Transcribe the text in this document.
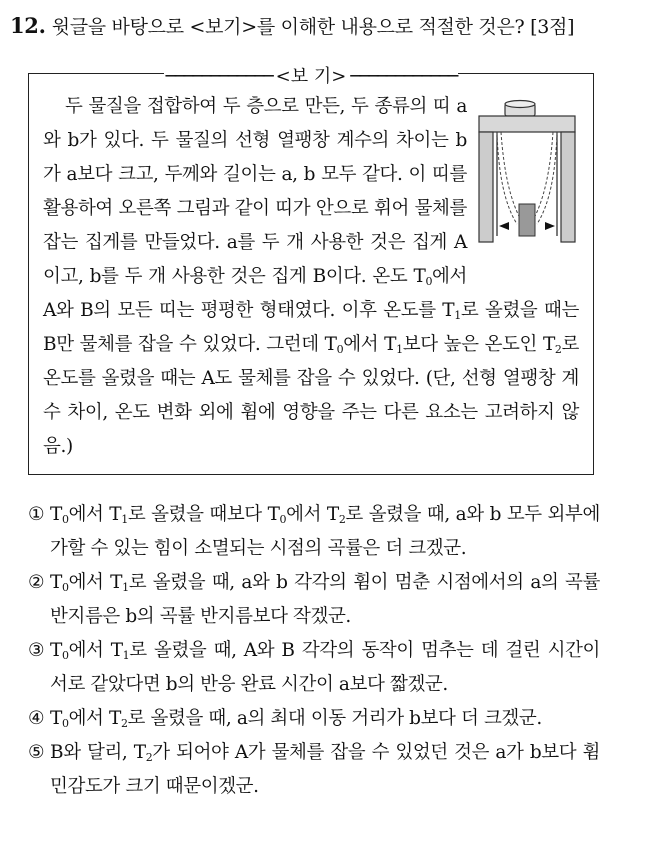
12. 윗글을 바탕으로 <보기>를 이해한 내용으로 적절한 것은? [3점]
──────────── <보 기> ────────────

두 물질을 접합하여 두 층으로 만든, 두 종류의 띠 a와 b가 있다. 두 물질의 선형 열팽창 계수의 차이는 b가 a보다 크고, 두께와 길이는 a, b 모두 같다. 이 띠를 활용하여 오른쪽 그림과 같이 띠가 안으로 휘어 물체를 잡는 집게를 만들었다. a를 두 개 사용한 것은 집게 A이고, b를 두 개 사용한 것은 집게 B이다. 온도 $T_0$에서 A와 B의 모든 띠는 평평한 형태였다. 이후 온도를 $T_1$로 올렸을 때는 B만 물체를 잡을 수 있었다. 그런데 $T_0$에서 $T_1$보다 높은 온도인 $T_2$로 온도를 올렸을 때는 A도 물체를 잡을 수 있었다. (단, 선형 열팽창 계수 차이, 온도 변화 외에 휨에 영향을 주는 다른 요소는 고려하지 않음.)

① $T_0$에서 $T_1$로 올렸을 때보다 $T_0$에서 $T_2$로 올렸을 때, a와 b 모두 외부에 가할 수 있는 힘이 소멸되는 시점의 곡률은 더 크겠군.
② $T_0$에서 $T_1$로 올렸을 때, a와 b 각각의 휨이 멈춘 시점에서의 a의 곡률 반지름은 b의 곡률 반지름보다 작겠군.
③ $T_0$에서 $T_1$로 올렸을 때, A와 B 각각의 동작이 멈추는 데 걸린 시간이 서로 같았다면 b의 반응 완료 시간이 a보다 짧겠군.
④ $T_0$에서 $T_2$로 올렸을 때, a의 최대 이동 거리가 b보다 더 크겠군.
⑤ B와 달리, $T_2$가 되어야 A가 물체를 잡을 수 있었던 것은 a가 b보다 휨 민감도가 크기 때문이겠군.
